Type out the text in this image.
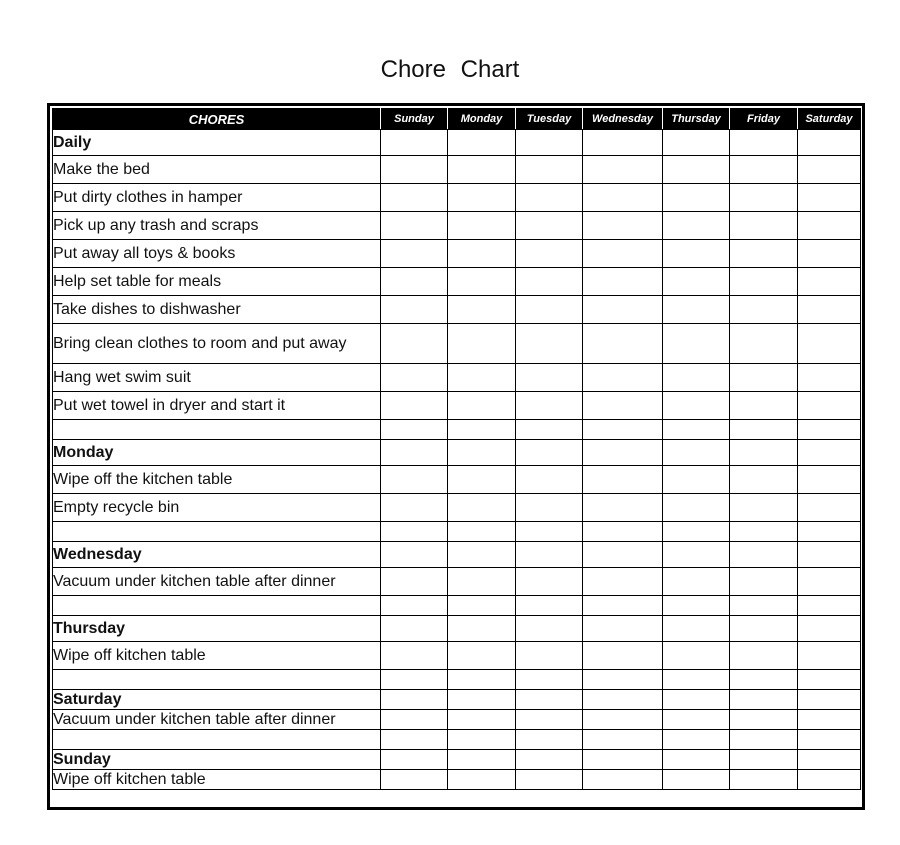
Chore Chart
CHORES	Sunday	Monday	Tuesday	Wednesday	Thursday	Friday	Saturday
Daily							
Make the bed							
Put dirty clothes in hamper							
Pick up any trash and scraps							
Put away all toys & books							
Help set table for meals							
Take dishes to dishwasher							
Bring clean clothes to room and put away							
Hang wet swim suit							
Put wet towel in dryer and start it							

Monday							
Wipe off the kitchen table							
Empty recycle bin							

Wednesday							
Vacuum under kitchen table after dinner							

Thursday							
Wipe off kitchen table							

Saturday							
Vacuum under kitchen table after dinner							

Sunday							
Wipe off kitchen table							
